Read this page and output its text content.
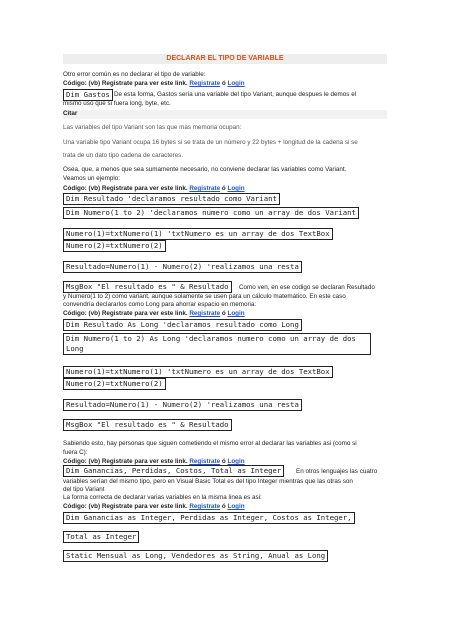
DECLARAR EL TIPO DE VARIABLE
Otro error común es no declarar el tipo de variable:
Código: (vb) Registrate para ver este link. Registrate ó Login
Dim Gastos De esta forma, Gastos sería una variable del tipo Variant, aunque despues le demos el
mismo uso que si fuera long, byte, etc.
Citar
Las variables del tipo Variant son las que mas memoria ocupan:
Una variable tipo Variant ocupa 16 bytes si se trata de un número y 22 bytes + longitud de la cadena si se
trata de un dato tipo cadena de caracteres.
Osea, que, a menos que sea sumamente necesario, no conviene declarar las variables como Variant.
Veamos un ejemplo:
Código: (vb) Registrate para ver este link. Registrate ó Login
Dim Resultado 'declaramos resultado como Variant
Dim Numero(1 to 2) 'declaramos numero como un array de dos Variant
Numero(1)=txtNumero(1) 'txtNumero es un array de dos TextBox
Numero(2)=txtNumero(2)
Resultado=Numero(1) - Numero(2) 'realizamos una resta
MsgBox "El resultado es " & Resultado	Como ven, en ese codigo se declaran Resultado
y Numero(1 to 2) como variant, aunque solamente se usen para un cálculo matemático. En este caso
convendría declararlos como Long para ahorrar espacio en memoria:
Código: (vb) Registrate para ver este link. Registrate ó Login
Dim Resultado As Long 'declaramos resultado como Long
Dim Numero(1 to 2) As Long 'declaramos numero como un array de dos
Long
Numero(1)=txtNumero(1) 'txtNumero es un array de dos TextBox
Numero(2)=txtNumero(2)
Resultado=Numero(1) - Numero(2) 'realizamos una resta
MsgBox "El resultado es " & Resultado
Sabiendo esto, hay personas que siguen cometiendo el mismo error al declarar las variables asi (como si
fuera C):
Código: (vb) Registrate para ver este link. Registrate ó Login
Dim Ganancias, Perdidas, Costos, Total as Integer	En otros lenguajes las cuatro
variables serían del mismo tipo, pero en Visual Basic Total es del tipo Integer mientras que las otras son
del tipo Variant
La forma correcta de declarar varias variables en la misma linea es asi:
Código: (vb) Registrate para ver este link. Registrate ó Login
Dim Ganancias as Integer, Perdidas as Integer, Costos as Integer,
Total as Integer
Static Mensual as Long, Vendedores as String, Anual as Long
